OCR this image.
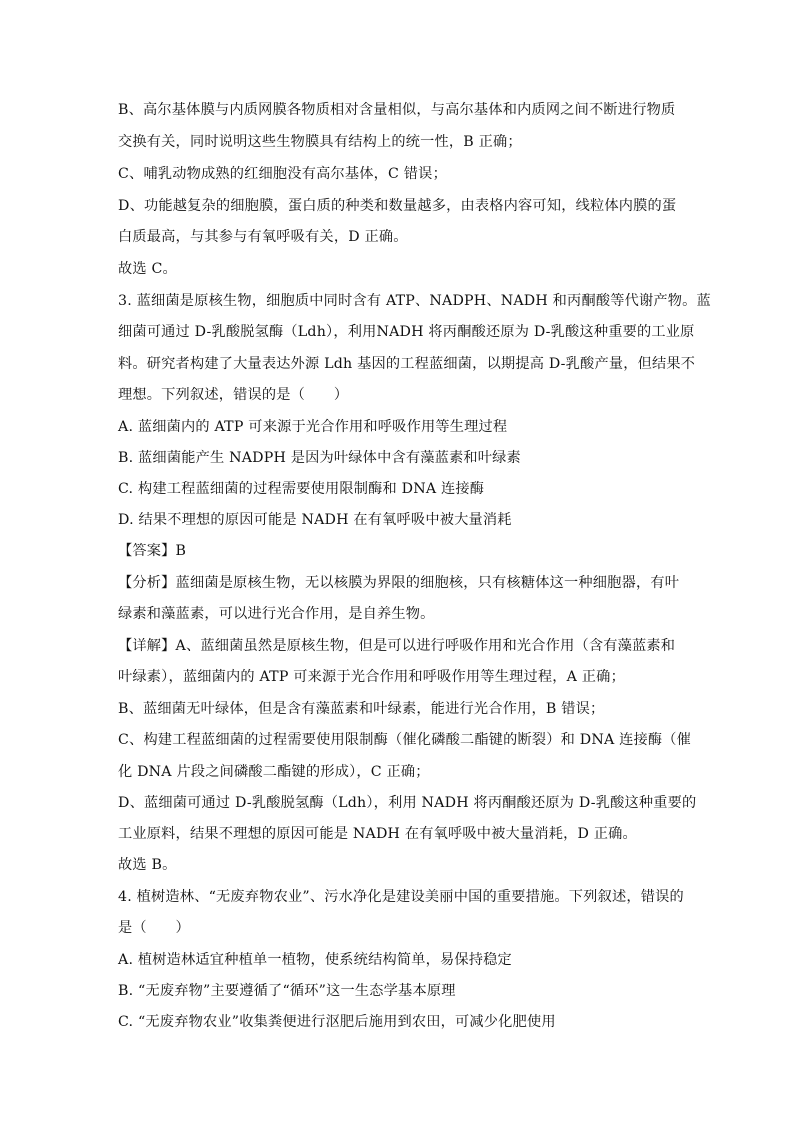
B、高尔基体膜与内质网膜各物质相对含量相似，与高尔基体和内质网之间不断进行物质
交换有关，同时说明这些生物膜具有结构上的统一性，B 正确；
C、哺乳动物成熟的红细胞没有高尔基体，C 错误；
D、功能越复杂的细胞膜，蛋白质的种类和数量越多，由表格内容可知，线粒体内膜的蛋
白质最高，与其参与有氧呼吸有关，D 正确。
故选 C。
3. 蓝细菌是原核生物，细胞质中同时含有 ATP、NADPH、NADH 和丙酮酸等代谢产物。蓝
细菌可通过 D-乳酸脱氢酶（Ldh），利用NADH 将丙酮酸还原为 D-乳酸这种重要的工业原
料。研究者构建了大量表达外源 Ldh 基因的工程蓝细菌，以期提高 D-乳酸产量，但结果不
理想。下列叙述，错误的是（　　）
A. 蓝细菌内的 ATP 可来源于光合作用和呼吸作用等生理过程
B. 蓝细菌能产生 NADPH 是因为叶绿体中含有藻蓝素和叶绿素
C. 构建工程蓝细菌的过程需要使用限制酶和 DNA 连接酶
D. 结果不理想的原因可能是 NADH 在有氧呼吸中被大量消耗
【答案】B
【分析】蓝细菌是原核生物，无以核膜为界限的细胞核，只有核糖体这一种细胞器，有叶
绿素和藻蓝素，可以进行光合作用，是自养生物。
【详解】A、蓝细菌虽然是原核生物，但是可以进行呼吸作用和光合作用（含有藻蓝素和
叶绿素），蓝细菌内的 ATP 可来源于光合作用和呼吸作用等生理过程，A 正确；
B、蓝细菌无叶绿体，但是含有藻蓝素和叶绿素，能进行光合作用，B 错误；
C、构建工程蓝细菌的过程需要使用限制酶（催化磷酸二酯键的断裂）和 DNA 连接酶（催
化 DNA 片段之间磷酸二酯键的形成），C 正确；
D、蓝细菌可通过 D-乳酸脱氢酶（Ldh），利用 NADH 将丙酮酸还原为 D-乳酸这种重要的
工业原料，结果不理想的原因可能是 NADH 在有氧呼吸中被大量消耗，D 正确。
故选 B。
4. 植树造林、“无废弃物农业”、污水净化是建设美丽中国的重要措施。下列叙述，错误的
是（　　）
A. 植树造林适宜种植单一植物，使系统结构简单，易保持稳定
B. “无废弃物”主要遵循了“循环”这一生态学基本原理
C. “无废弃物农业”收集粪便进行沤肥后施用到农田，可减少化肥使用
